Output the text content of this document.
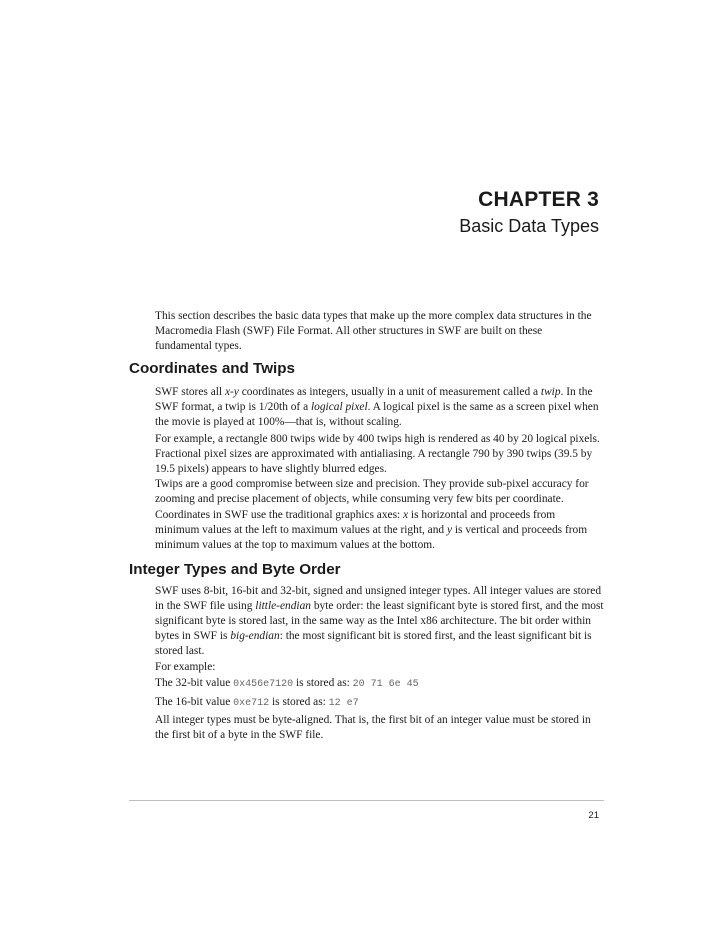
CHAPTER 3
Basic Data Types
This section describes the basic data types that make up the more complex data structures in the
Macromedia Flash (SWF) File Format. All other structures in SWF are built on these
fundamental types.
Coordinates and Twips
SWF stores all x-y coordinates as integers, usually in a unit of measurement called a twip. In the
SWF format, a twip is 1/20th of a logical pixel. A logical pixel is the same as a screen pixel when
the movie is played at 100%—that is, without scaling.
For example, a rectangle 800 twips wide by 400 twips high is rendered as 40 by 20 logical pixels.
Fractional pixel sizes are approximated with antialiasing. A rectangle 790 by 390 twips (39.5 by
19.5 pixels) appears to have slightly blurred edges.
Twips are a good compromise between size and precision. They provide sub-pixel accuracy for
zooming and precise placement of objects, while consuming very few bits per coordinate.
Coordinates in SWF use the traditional graphics axes: x is horizontal and proceeds from
minimum values at the left to maximum values at the right, and y is vertical and proceeds from
minimum values at the top to maximum values at the bottom.
Integer Types and Byte Order
SWF uses 8-bit, 16-bit and 32-bit, signed and unsigned integer types. All integer values are stored
in the SWF file using little-endian byte order: the least significant byte is stored first, and the most
significant byte is stored last, in the same way as the Intel x86 architecture. The bit order within
bytes in SWF is big-endian: the most significant bit is stored first, and the least significant bit is
stored last.
For example:
The 32-bit value 0x456e7120 is stored as: 20 71 6e 45
The 16-bit value 0xe712 is stored as: 12 e7
All integer types must be byte-aligned. That is, the first bit of an integer value must be stored in
the first bit of a byte in the SWF file.
21
